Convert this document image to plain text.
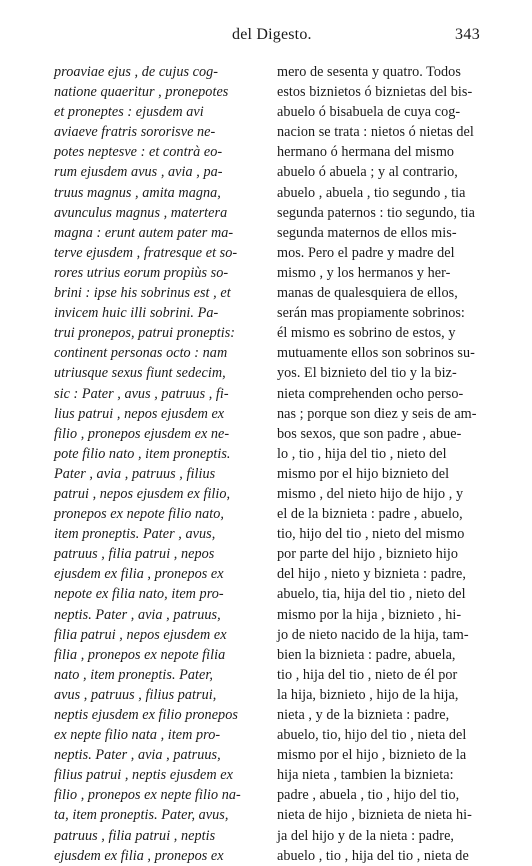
del Digesto.	343
proaviae ejus , de cujus cog-
natione quaeritur , pronepotes
et proneptes : ejusdem avi
aviaeve fratris sororisve ne-
potes neptesve : et contrà eo-
rum ejusdem avus , avia , pa-
truus magnus , amita magna,
avunculus magnus , matertera
magna : erunt autem pater ma-
terve ejusdem , fratresque et so-
rores utrius eorum propiùs so-
brini : ipse his sobrinus est , et
invicem huic illi sobrini. Pa-
trui pronepos, patrui proneptis:
continent personas octo : nam
utriusque sexus fiunt sedecim,
sic : Pater , avus , patruus , fi-
lius patrui , nepos ejusdem ex
filio , pronepos ejusdem ex ne-
pote filio nato , item proneptis.
Pater , avia , patruus , filius
patrui , nepos ejusdem ex filio,
pronepos ex nepote filio nato,
item proneptis. Pater , avus,
patruus , filia patrui , nepos
ejusdem ex filia , pronepos ex
nepote ex filia nato, item pro-
neptis. Pater , avia , patruus,
filia patrui , nepos ejusdem ex
filia , pronepos ex nepote filia
nato , item proneptis. Pater,
avus , patruus , filius patrui,
neptis ejusdem ex filio pronepos
ex nepte filio nata , item pro-
neptis. Pater , avia , patruus,
filius patrui , neptis ejusdem ex
filio , pronepos ex nepte filio na-
ta, item proneptis. Pater, avus,
patruus , filia patrui , neptis
ejusdem ex filia , pronepos ex
mero de sesenta y quatro. Todos
estos biznietos ó biznietas del bis-
abuelo ó bisabuela de cuya cog-
nacion se trata : nietos ó nietas del
hermano ó hermana del mismo
abuelo ó abuela ; y al contrario,
abuelo , abuela , tio segundo , tia
segunda paternos : tio segundo, tia
segunda maternos de ellos mis-
mos. Pero el padre y madre del
mismo , y los hermanos y her-
manas de qualesquiera de ellos,
serán mas propiamente sobrinos:
él mismo es sobrino de estos, y
mutuamente ellos son sobrinos su-
yos. El biznieto del tio y la biz-
nieta comprehenden ocho perso-
nas ; porque son diez y seis de am-
bos sexos, que son padre , abue-
lo , tio , hija del tio , nieto del
mismo por el hijo biznieto del
mismo , del nieto hijo de hijo , y
el de la biznieta : padre , abuelo,
tio, hijo del tio , nieto del mismo
por parte del hijo , biznieto hijo
del hijo , nieto y biznieta : padre,
abuelo, tia, hija del tio , nieto del
mismo por la hija , biznieto , hi-
jo de nieto nacido de la hija, tam-
bien la biznieta : padre, abuela,
tio , hija del tio , nieto de él por
la hija, biznieto , hijo de la hija,
nieta , y de la biznieta : padre,
abuelo, tio, hijo del tio , nieta del
mismo por el hijo , biznieto de la
hija nieta , tambien la biznieta:
padre , abuela , tio , hijo del tio,
nieta de hijo , biznieta de nieta hi-
ja del hijo y de la nieta : padre,
abuelo , tio , hija del tio , nieta de
